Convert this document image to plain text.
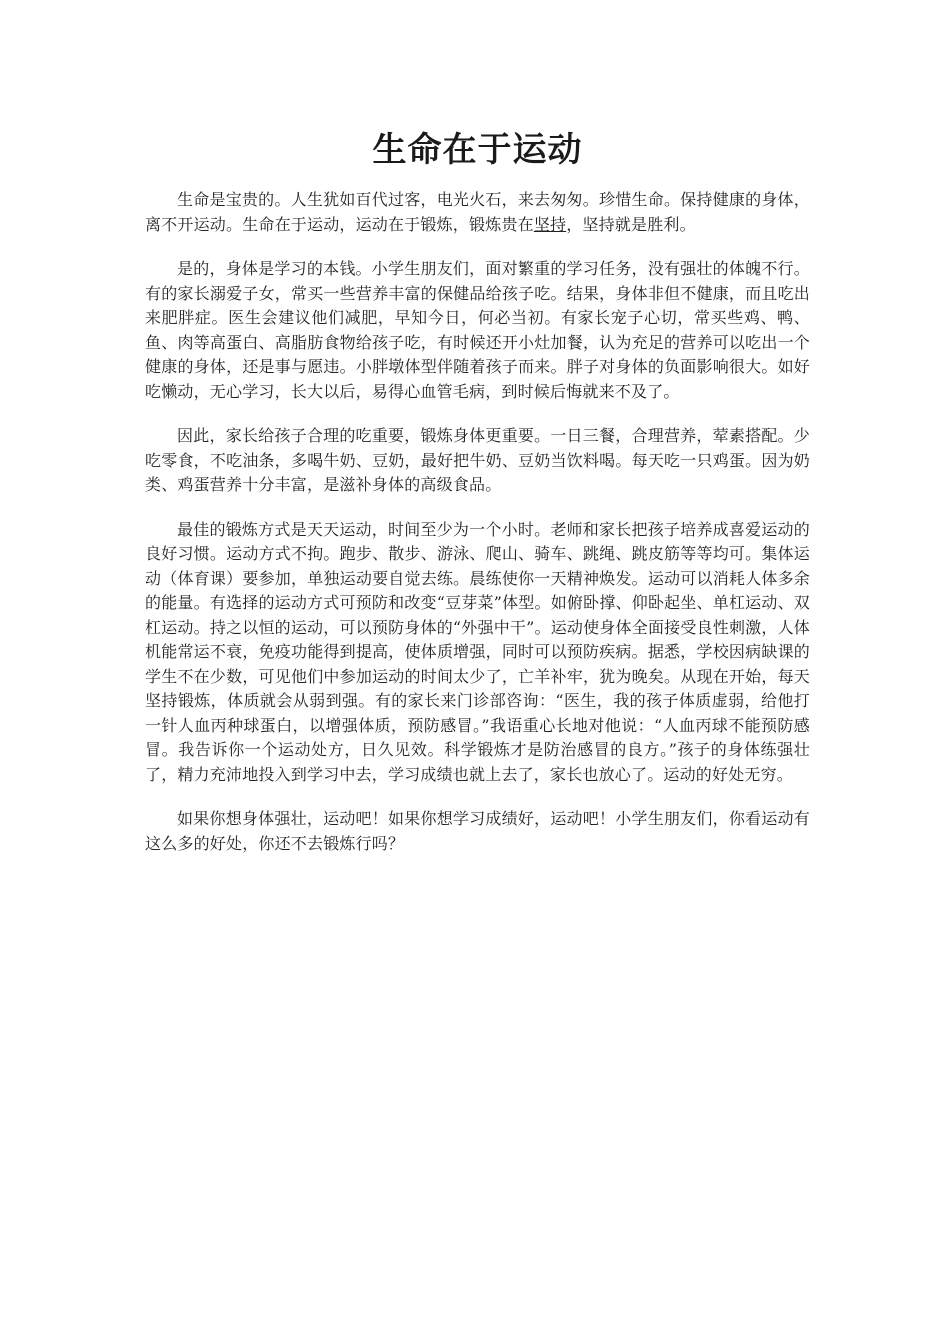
生命在于运动

生命是宝贵的。人生犹如百代过客，电光火石，来去匆匆。珍惜生命。保持健康的身体，离不开运动。生命在于运动，运动在于锻炼，锻炼贵在坚持，坚持就是胜利。

是的，身体是学习的本钱。小学生朋友们，面对繁重的学习任务，没有强壮的体魄不行。有的家长溺爱子女，常买一些营养丰富的保健品给孩子吃。结果，身体非但不健康，而且吃出来肥胖症。医生会建议他们减肥，早知今日，何必当初。有家长宠子心切，常买些鸡、鸭、鱼、肉等高蛋白、高脂肪食物给孩子吃，有时候还开小灶加餐，认为充足的营养可以吃出一个健康的身体，还是事与愿违。小胖墩体型伴随着孩子而来。胖子对身体的负面影响很大。如好吃懒动，无心学习，长大以后，易得心血管毛病，到时候后悔就来不及了。

因此，家长给孩子合理的吃重要，锻炼身体更重要。一日三餐，合理营养，荤素搭配。少吃零食，不吃油条，多喝牛奶、豆奶，最好把牛奶、豆奶当饮料喝。每天吃一只鸡蛋。因为奶类、鸡蛋营养十分丰富，是滋补身体的高级食品。

最佳的锻炼方式是天天运动，时间至少为一个小时。老师和家长把孩子培养成喜爱运动的良好习惯。运动方式不拘。跑步、散步、游泳、爬山、骑车、跳绳、跳皮筋等等均可。集体运动（体育课）要参加，单独运动要自觉去练。晨练使你一天精神焕发。运动可以消耗人体多余的能量。有选择的运动方式可预防和改变“豆芽菜”体型。如俯卧撑、仰卧起坐、单杠运动、双杠运动。持之以恒的运动，可以预防身体的“外强中干”。运动使身体全面接受良性刺激，人体机能常运不衰，免疫功能得到提高，使体质增强，同时可以预防疾病。据悉，学校因病缺课的学生不在少数，可见他们中参加运动的时间太少了，亡羊补牢，犹为晚矣。从现在开始，每天坚持锻炼，体质就会从弱到强。有的家长来门诊部咨询：“医生，我的孩子体质虚弱，给他打一针人血丙种球蛋白，以增强体质，预防感冒。”我语重心长地对他说：“人血丙球不能预防感冒。我告诉你一个运动处方，日久见效。科学锻炼才是防治感冒的良方。”孩子的身体练强壮了，精力充沛地投入到学习中去，学习成绩也就上去了，家长也放心了。运动的好处无穷。

如果你想身体强壮，运动吧！如果你想学习成绩好，运动吧！小学生朋友们，你看运动有这么多的好处，你还不去锻炼行吗？
